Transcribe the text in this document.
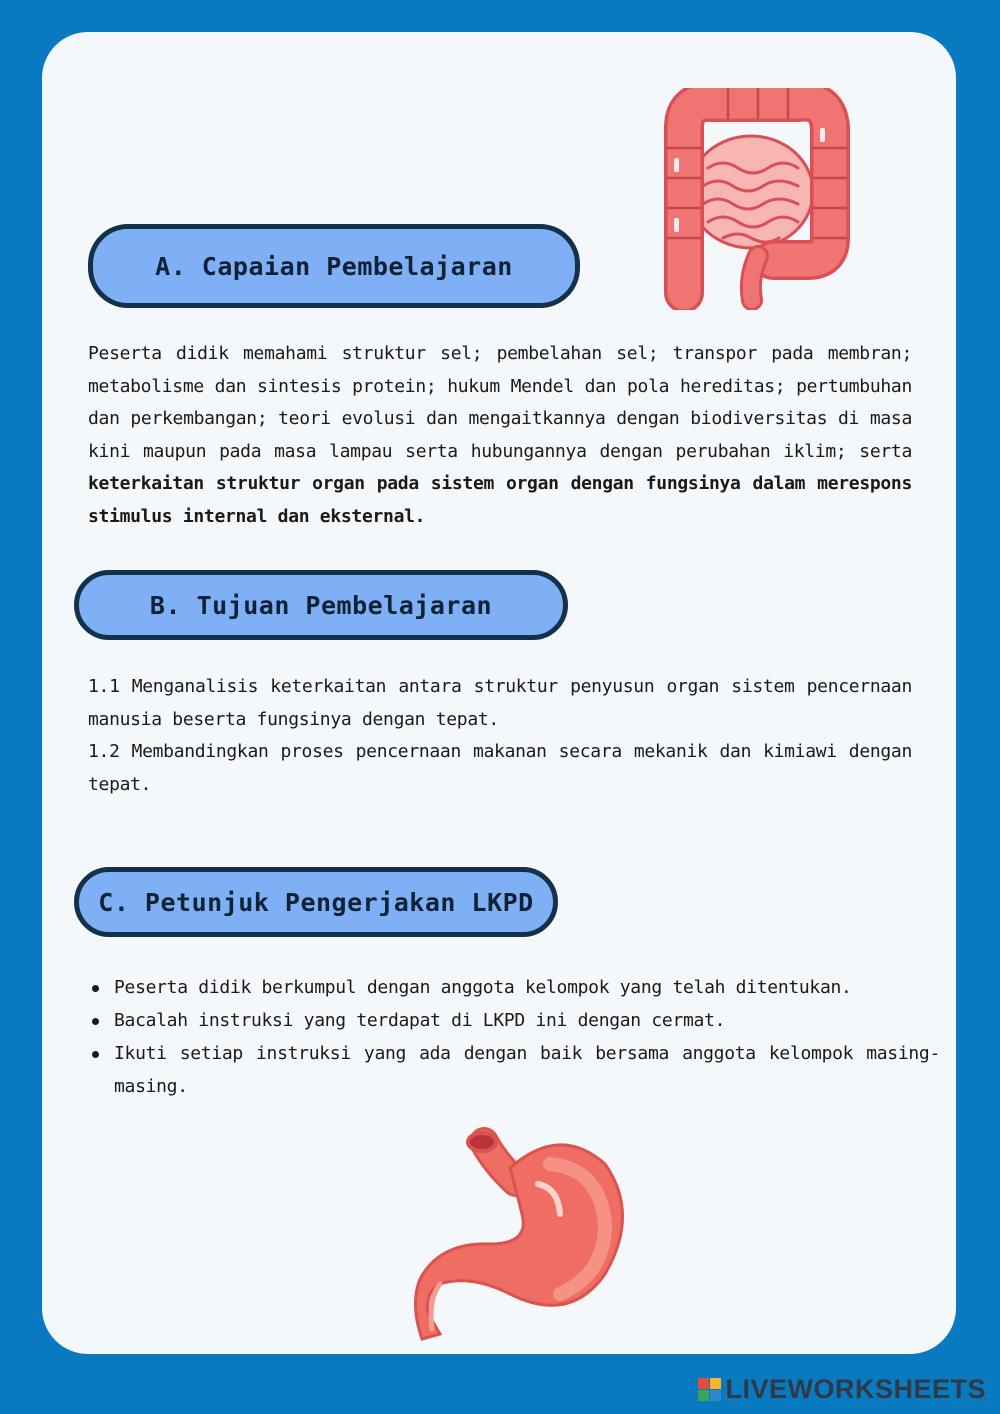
A. Capaian Pembelajaran
Peserta didik memahami struktur sel; pembelahan sel; transpor pada membran; metabolisme dan sintesis protein; hukum Mendel dan pola hereditas; pertumbuhan dan perkembangan; teori evolusi dan mengaitkannya dengan biodiversitas di masa kini maupun pada masa lampau serta hubungannya dengan perubahan iklim; serta keterkaitan struktur organ pada sistem organ dengan fungsinya dalam merespons stimulus internal dan eksternal.
B. Tujuan Pembelajaran
1.1 Menganalisis keterkaitan antara struktur penyusun organ sistem pencernaan manusia beserta fungsinya dengan tepat.
1.2 Membandingkan proses pencernaan makanan secara mekanik dan kimiawi dengan tepat.
C. Petunjuk Pengerjakan LKPD
Peserta didik berkumpul dengan anggota kelompok yang telah ditentukan.
Bacalah instruksi yang terdapat di LKPD ini dengan cermat.
Ikuti setiap instruksi yang ada dengan baik bersama anggota kelompok masing-masing.
LIVEWORKSHEETS
